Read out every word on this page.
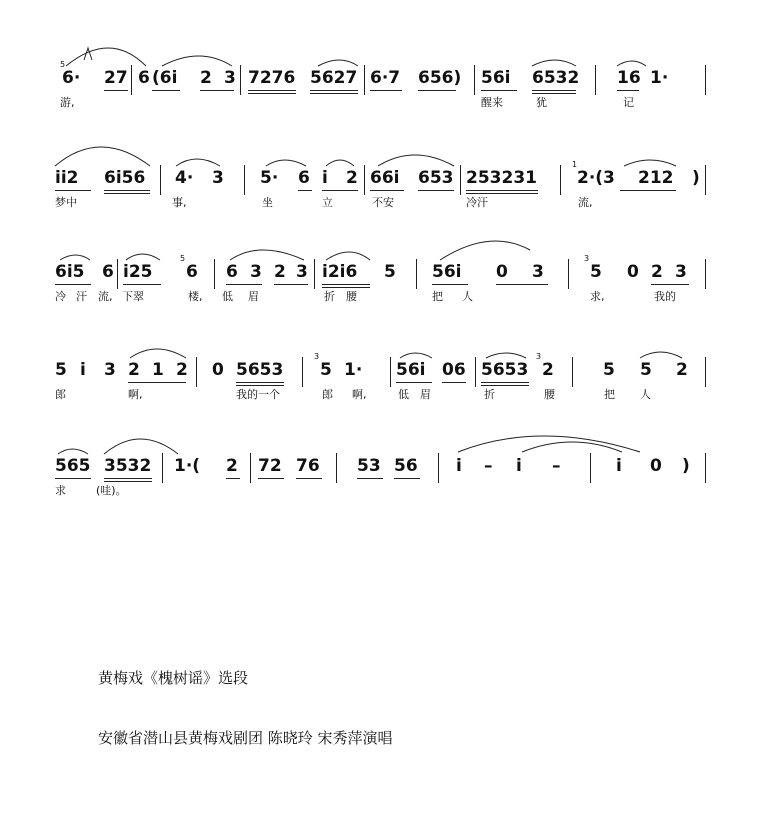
5
6· 27 6 (6i 2 3 7276 5627 6·7 656) 56i 6532 16 1·
游,	醒来	犹	记
ii2 6i56 4· 3 5· 6 i 2 66i 653 253231
1
2·(3 212 )
梦中	事,	坐	立	不安	冷汗	流,
6i5 6 i25
5
6 6 3 2 3 i2i6 5 56i 0 3
3
5 0 2 3
冷 汗 流, 下翠	楼, 低 眉	折 腰	把 人	求,	我的
5 i 3 2 1 2 0 5653
3
5 1· 56i 06 5653
3
2	5 5 2
郎	啊,	我的一个	郎 啊,	低 眉	折	腰	把 人
565 3532 1·( 2 72 76 53 56 i – i –	i 0 )
求	(哇)。
黄梅戏《槐树谣》选段
安徽省潜山县黄梅戏剧团 陈晓玲 宋秀萍演唱
